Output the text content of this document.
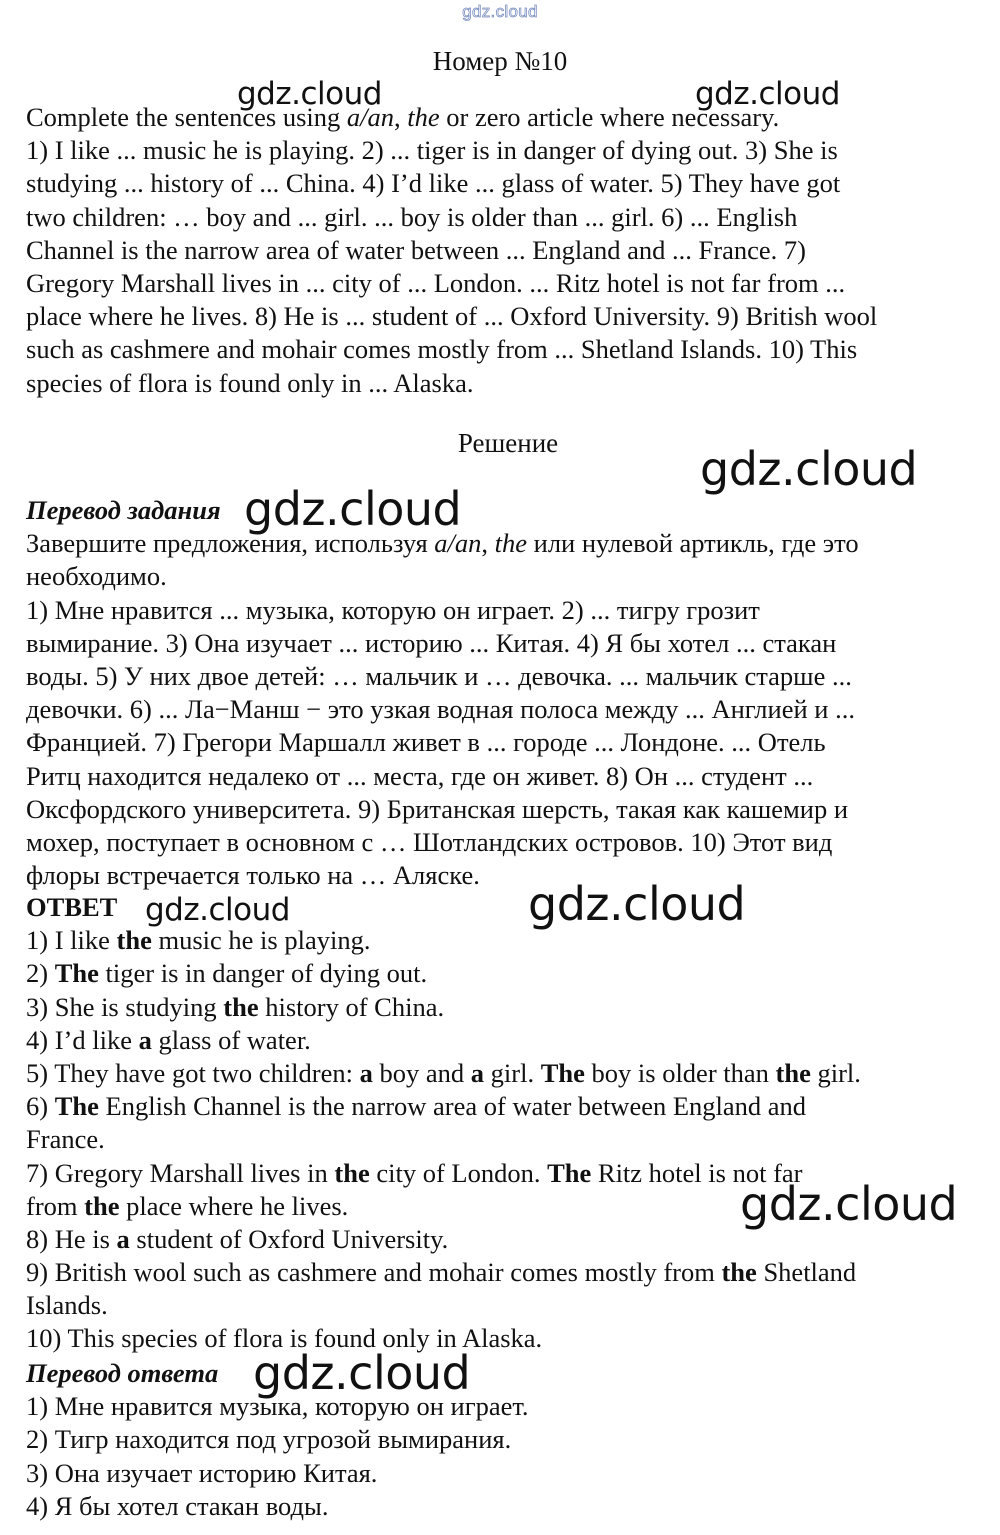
gdz.cloud
Номер №10
Complete the sentences using a/an, the or zero article where necessary.
1) I like ... music he is playing. 2) ... tiger is in danger of dying out. 3) She is
studying ... history of ... China. 4) I’d like ... glass of water. 5) They have got
two children: … boy and ... girl. ... boy is older than ... girl. 6) ... English
Channel is the narrow area of water between ... England and ... France. 7)
Gregory Marshall lives in ... city of ... London. ... Ritz hotel is not far from ...
place where he lives. 8) He is ... student of ... Oxford University. 9) British wool
such as cashmere and mohair comes mostly from ... Shetland Islands. 10) This
species of flora is found only in ... Alaska.
Решение
Перевод задания
Завершите предложения, используя a/an, the или нулевой артикль, где это
необходимо.
1) Мне нравится ... музыка, которую он играет. 2) ... тигру грозит
вымирание. 3) Она изучает ... историю ... Китая. 4) Я бы хотел ... стакан
воды. 5) У них двое детей: … мальчик и … девочка. ... мальчик старше ...
девочки. 6) ... Ла−Манш − это узкая водная полоса между ... Англией и ...
Францией. 7) Грегори Маршалл живет в ... городе ... Лондоне. ... Отель
Ритц находится недалеко от ... места, где он живет. 8) Он ... студент ...
Оксфордского университета. 9) Британская шерсть, такая как кашемир и
мохер, поступает в основном с … Шотландских островов. 10) Этот вид
флоры встречается только на … Аляске.
ОТВЕТ
1) I like the music he is playing.
2) The tiger is in danger of dying out.
3) She is studying the history of China.
4) I’d like a glass of water.
5) They have got two children: a boy and a girl. The boy is older than the girl.
6) The English Channel is the narrow area of water between England and
France.
7) Gregory Marshall lives in the city of London. The Ritz hotel is not far
from the place where he lives.
8) He is a student of Oxford University.
9) British wool such as cashmere and mohair comes mostly from the Shetland
Islands.
10) This species of flora is found only in Alaska.
Перевод ответа
1) Мне нравится музыка, которую он играет.
2) Тигр находится под угрозой вымирания.
3) Она изучает историю Китая.
4) Я бы хотел стакан воды.
gdz.cloud	gdz.cloud
gdz.cloud
gdz.cloud
gdz.cloud	gdz.cloud
gdz.cloud
gdz.cloud
